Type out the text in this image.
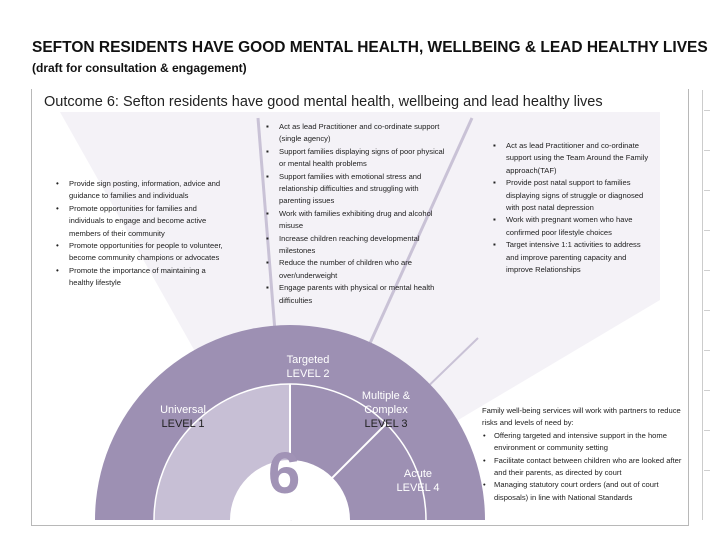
SEFTON RESIDENTS HAVE GOOD MENTAL HEALTH, WELLBEING & LEAD HEALTHY LIVES (draft for consultation & engagement)
Outcome 6: Sefton residents have good mental health, wellbeing and lead healthy lives
• Provide sign posting, information, advice and guidance to families and individuals
• Promote opportunities for families and individuals to engage and become active members of their community
• Promote opportunities for people to volunteer, become community champions or advocates
• Promote the importance of maintaining a healthy lifestyle
▪ Act as lead Practitioner and co-ordinate support (single agency)
▪ Support families displaying signs of poor physical or mental health problems
▪ Support families with emotional stress and relationship difficulties and struggling with parenting issues
▪ Work with families exhibiting drug and alcohol misuse
▪ Increase children reaching developmental milestones
▪ Reduce the number of children who are over/underweight
▪ Engage parents with physical or mental health difficulties
▪ Act as lead Practitioner and co-ordinate support using the Team Around the Family approach(TAF)
▪ Provide post natal support to families displaying signs of struggle or diagnosed with post natal depression
▪ Work with pregnant women who have confirmed poor lifestyle choices
▪ Target intensive 1:1 activities to address and improve parenting capacity and improve Relationships
Targeted
LEVEL 2
Universal
LEVEL 1
Multiple &
Complex
LEVEL 3
Acute
LEVEL 4
6
Family well-being services will work with partners to reduce risks and levels of need by:
• Offering targeted and intensive support in the home environment or community setting
• Facilitate contact between children who are looked after and their parents, as directed by court
• Managing statutory court orders (and out of court disposals) in line with National Standards
